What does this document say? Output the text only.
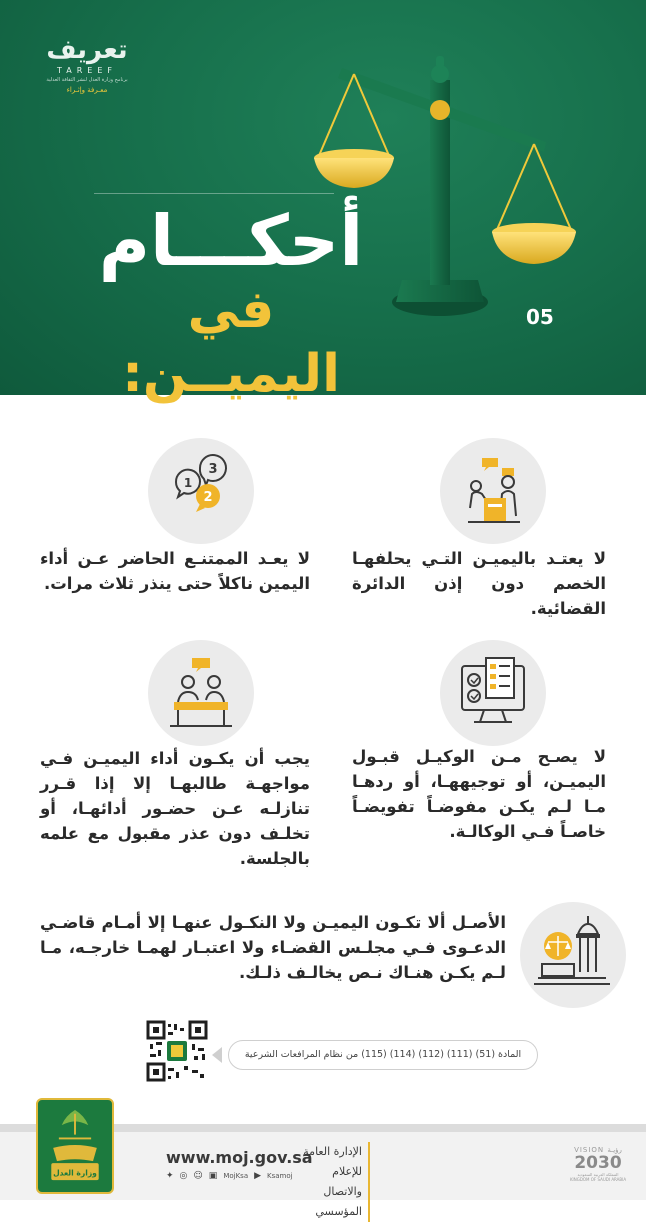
تعريف
TAREEF
برنامج وزارة العدل لنشر الثقافة العدلية
معـرفة وإثـراء
أحكـــام
في اليميــن:
05
1
3
2
لا يعـد الممتنـع الحاضر عـن أداء اليمين ناكلاً حتى ينذر ثلاث مرات.
لا يعتـد باليميـن التـي يحلفهـا الخصم دون إذن الدائرة القضائية.
يجب أن يكـون أداء اليميـن فـي مواجهـة طالبهـا إلا إذا قـرر تنازلـه عـن حضـور أدائهـا، أو تخلـف دون عذر مقبول مع علمه بالجلسة.
لا يصـح مـن الوكيـل قبـول اليميـن، أو توجيههـا، أو ردهـا مـا لـم يكـن مفوضـاً تفويضـاً خاصـاً فـي الوكالـة.
الأصـل ألا تكـون اليميـن ولا النكـول عنهـا إلا أمـام قاضـي الدعـوى فـي مجلـس القضـاء ولا اعتبـار لهمـا خارجـه، مـا لـم يكـن هنـاك نـص يخالـف ذلـك.
المادة (51) (111) (112) (114) (115) من نظام المرافعات الشرعية
وزارة العدل
www.moj.gov.sa
✦ ◎ ☺ ▣ MojKsa ▶ Ksamoj
الإدارة العامة للإعلام
والاتصال المؤسسي
VISION رؤيـة
2030
المملكة العربية السعودية KINGDOM OF SAUDI ARABIA
